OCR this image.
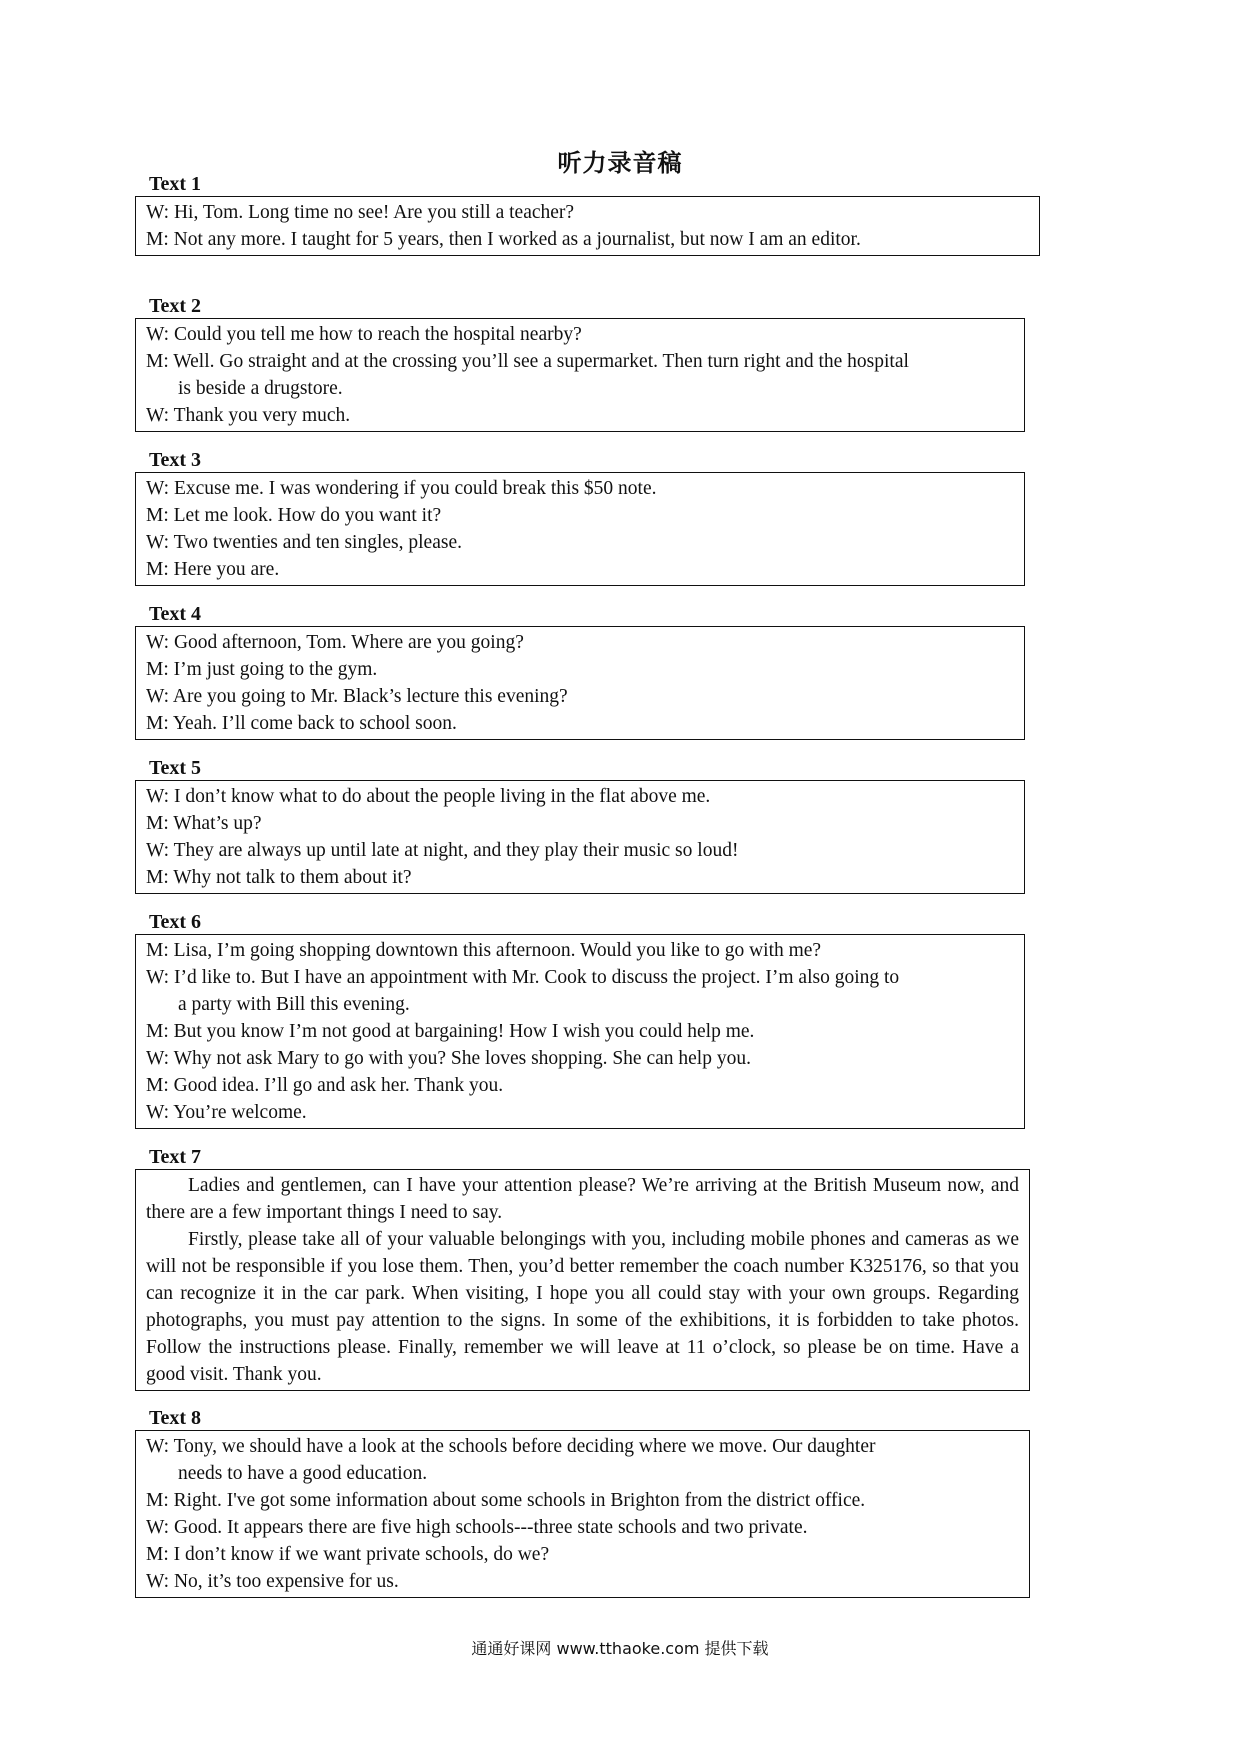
听力录音稿
Text 1
W: Hi, Tom. Long time no see! Are you still a teacher?
M: Not any more. I taught for 5 years, then I worked as a journalist, but now I am an editor.
Text 2
W: Could you tell me how to reach the hospital nearby?
M: Well. Go straight and at the crossing you’ll see a supermarket. Then turn right and the hospital
is beside a drugstore.
W: Thank you very much.
Text 3
W: Excuse me. I was wondering if you could break this $50 note.
M: Let me look. How do you want it?
W: Two twenties and ten singles, please.
M: Here you are.
Text 4
W: Good afternoon, Tom. Where are you going?
M: I’m just going to the gym.
W: Are you going to Mr. Black’s lecture this evening?
M: Yeah. I’ll come back to school soon.
Text 5
W: I don’t know what to do about the people living in the flat above me.
M: What’s up?
W: They are always up until late at night, and they play their music so loud!
M: Why not talk to them about it?
Text 6
M: Lisa, I’m going shopping downtown this afternoon. Would you like to go with me?
W: I’d like to. But I have an appointment with Mr. Cook to discuss the project. I’m also going to
a party with Bill this evening.
M: But you know I’m not good at bargaining! How I wish you could help me.
W: Why not ask Mary to go with you? She loves shopping. She can help you.
M: Good idea. I’ll go and ask her. Thank you.
W: You’re welcome.
Text 7
Ladies and gentlemen, can I have your attention please? We’re arriving at the British Museum now, and there are a few important things I need to say.
Firstly, please take all of your valuable belongings with you, including mobile phones and cameras as we will not be responsible if you lose them. Then, you’d better remember the coach number K325176, so that you can recognize it in the car park. When visiting, I hope you all could stay with your own groups. Regarding photographs, you must pay attention to the signs. In some of the exhibitions, it is forbidden to take photos. Follow the instructions please. Finally, remember we will leave at 11 o’clock, so please be on time. Have a good visit. Thank you.
Text 8
W: Tony, we should have a look at the schools before deciding where we move. Our daughter
needs to have a good education.
M: Right. I've got some information about some schools in Brighton from the district office.
W: Good. It appears there are five high schools---three state schools and two private.
M: I don’t know if we want private schools, do we?
W: No, it’s too expensive for us.
通通好课网 www.tthaoke.com 提供下载
